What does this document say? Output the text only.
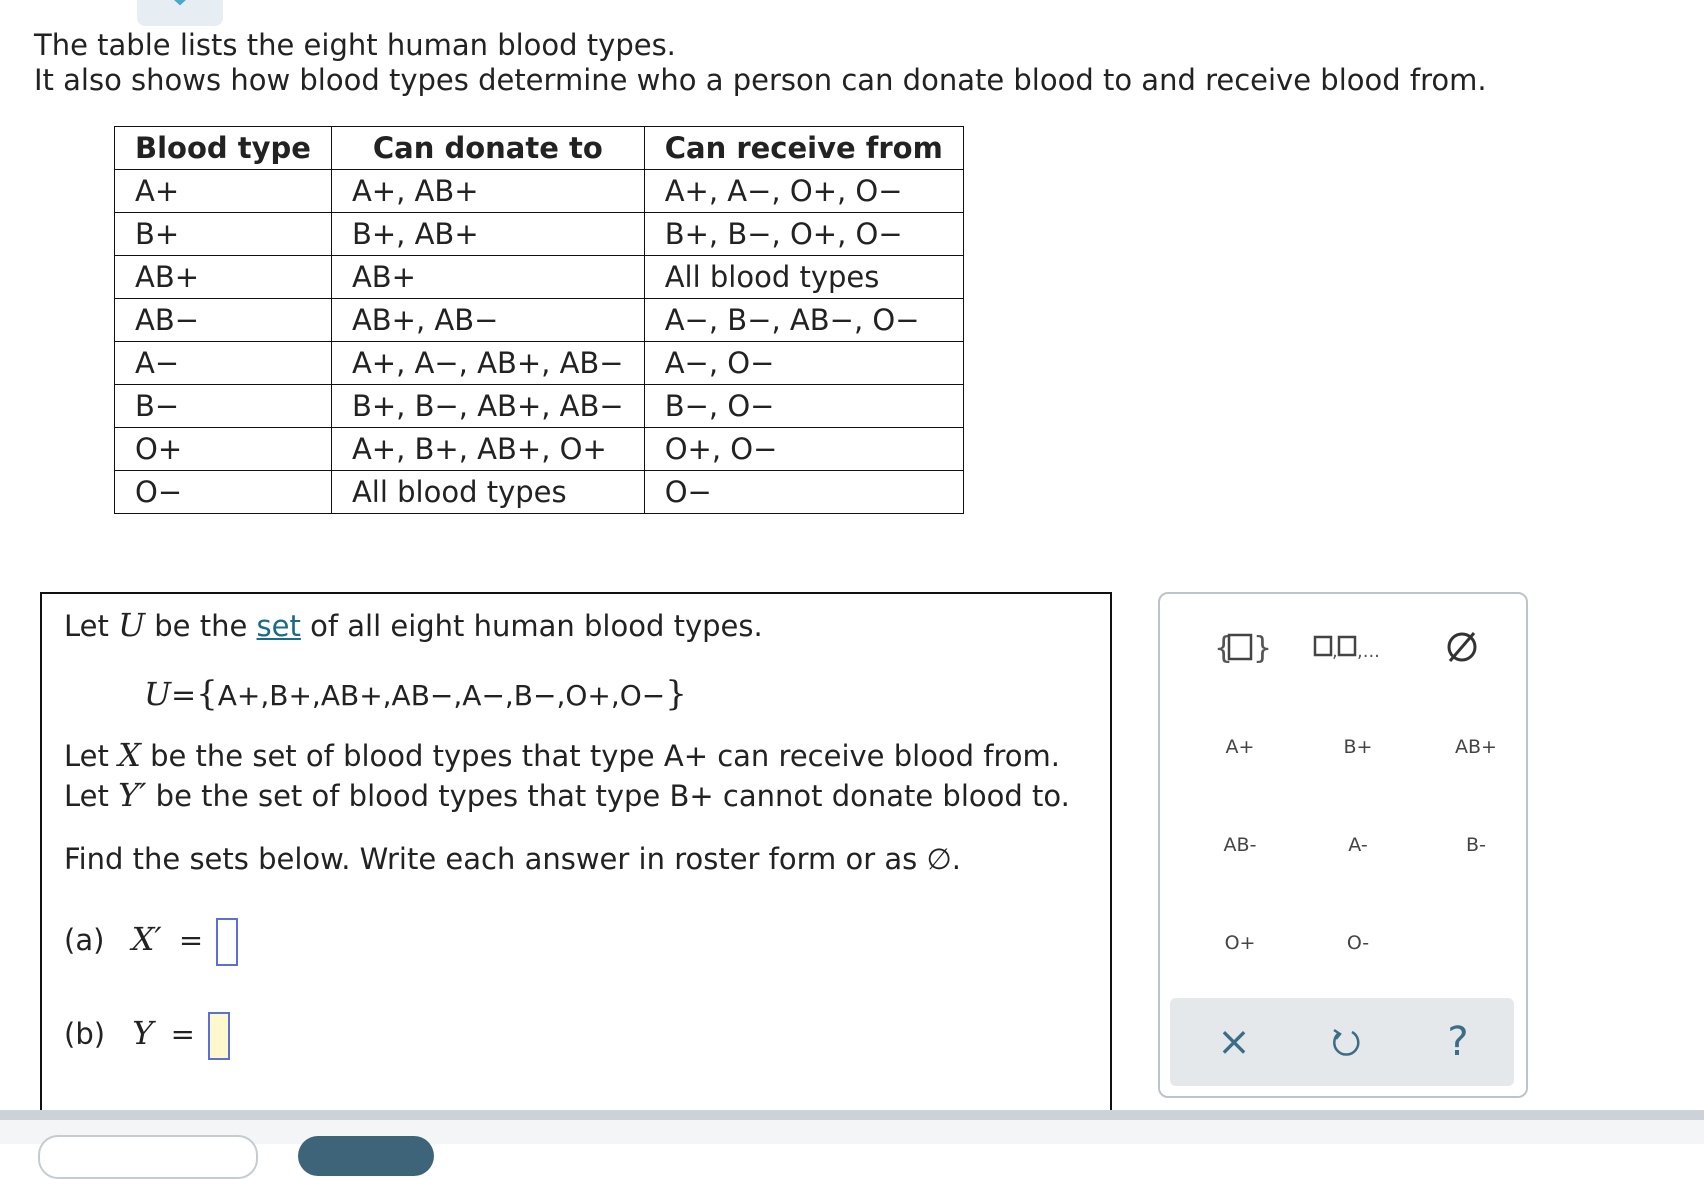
The table lists the eight human blood types.
It also shows how blood types determine who a person can donate blood to and receive blood from.
Blood type	Can donate to	Can receive from
A+	A+, AB+	A+, A−, O+, O−
B+	B+, AB+	B+, B−, O+, O−
AB+	AB+	All blood types
AB−	AB+, AB−	A−, B−, AB−, O−
A−	A+, A−, AB+, AB−	A−, O−
B−	B+, B−, AB+, AB−	B−, O−
O+	A+, B+, AB+, O+	O+, O−
O−	All blood types	O−
Let U be the set of all eight human blood types.
U={A+,B+,AB+,AB−,A−,B−,O+,O−}
Let X be the set of blood types that type A+ can receive blood from.
Let Y′ be the set of blood types that type B+ cannot donate blood to.
Find the sets below. Write each answer in roster form or as ∅.
(a) X′ =
(b) Y =
{ }	, ,...
A+	B+	AB+
AB-	A-	B-
O+	O-
×	?
